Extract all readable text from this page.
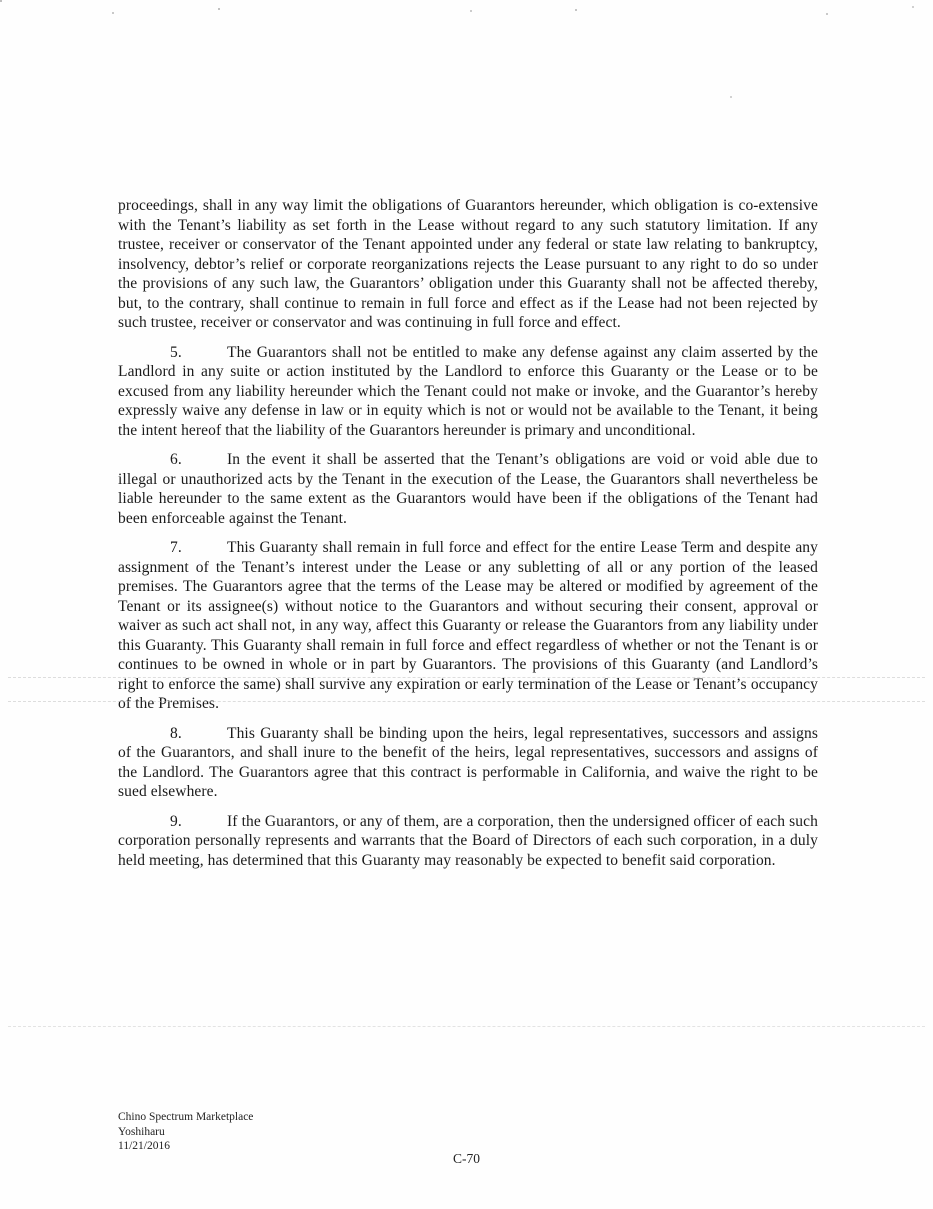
proceedings, shall in any way limit the obligations of Guarantors hereunder, which obligation is co-extensive with the Tenant’s liability as set forth in the Lease without regard to any such statutory limitation. If any trustee, receiver or conservator of the Tenant appointed under any federal or state law relating to bankruptcy, insolvency, debtor’s relief or corporate reorganizations rejects the Lease pursuant to any right to do so under the provisions of any such law, the Guarantors’ obligation under this Guaranty shall not be affected thereby, but, to the contrary, shall continue to remain in full force and effect as if the Lease had not been rejected by such trustee, receiver or conservator and was continuing in full force and effect.

5.	The Guarantors shall not be entitled to make any defense against any claim asserted by the Landlord in any suite or action instituted by the Landlord to enforce this Guaranty or the Lease or to be excused from any liability hereunder which the Tenant could not make or invoke, and the Guarantor’s hereby expressly waive any defense in law or in equity which is not or would not be available to the Tenant, it being the intent hereof that the liability of the Guarantors hereunder is primary and unconditional.

6.	In the event it shall be asserted that the Tenant’s obligations are void or void able due to illegal or unauthorized acts by the Tenant in the execution of the Lease, the Guarantors shall nevertheless be liable hereunder to the same extent as the Guarantors would have been if the obligations of the Tenant had been enforceable against the Tenant.

7.	This Guaranty shall remain in full force and effect for the entire Lease Term and despite any assignment of the Tenant’s interest under the Lease or any subletting of all or any portion of the leased premises. The Guarantors agree that the terms of the Lease may be altered or modified by agreement of the Tenant or its assignee(s) without notice to the Guarantors and without securing their consent, approval or waiver as such act shall not, in any way, affect this Guaranty or release the Guarantors from any liability under this Guaranty. This Guaranty shall remain in full force and effect regardless of whether or not the Tenant is or continues to be owned in whole or in part by Guarantors. The provisions of this Guaranty (and Landlord’s right to enforce the same) shall survive any expiration or early termination of the Lease or Tenant’s occupancy of the Premises.

8.	This Guaranty shall be binding upon the heirs, legal representatives, successors and assigns of the Guarantors, and shall inure to the benefit of the heirs, legal representatives, successors and assigns of the Landlord. The Guarantors agree that this contract is performable in California, and waive the right to be sued elsewhere.

9.	If the Guarantors, or any of them, are a corporation, then the undersigned officer of each such corporation personally represents and warrants that the Board of Directors of each such corporation, in a duly held meeting, has determined that this Guaranty may reasonably be expected to benefit said corporation.

Chino Spectrum Marketplace
Yoshiharu
11/21/2016
C-70
